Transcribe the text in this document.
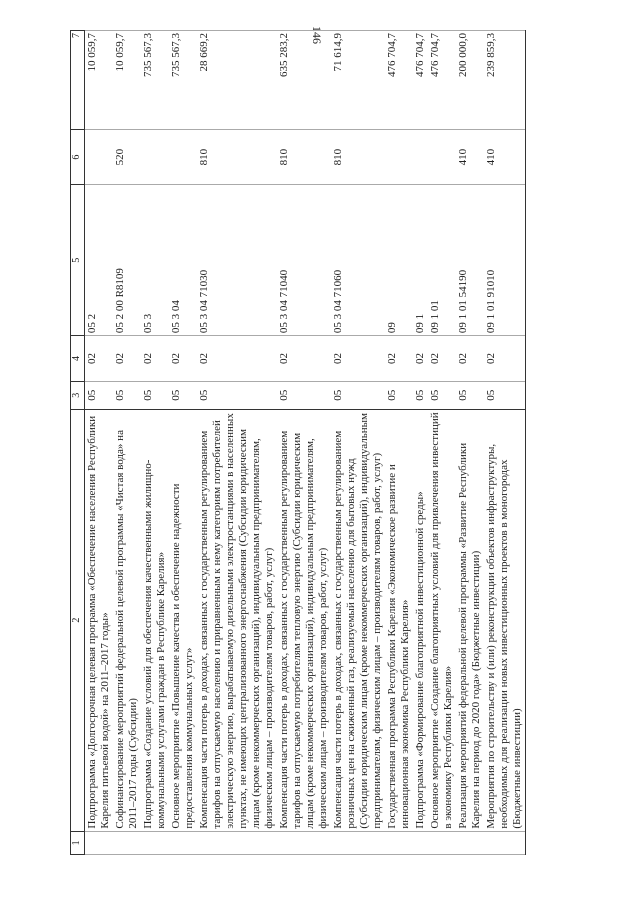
146
1	2	3	4	5	6	7
	Подпрограмма «Долгосрочная целевая программа «Обеспечение населения Республики Карелия питьевой водой» на 2011–2017 годы»	05	02	05 2		10 059,7
	Софинансирование мероприятий федеральной целевой программы «Чистая вода» на 2011–2017 годы (Субсидии)	05	02	05 2 00 R8109	520	10 059,7
	Подпрограмма «Создание условий для обеспечения качественными жилищно-коммунальными услугами граждан в Республике Карелия»	05	02	05 3		735 567,3
	Основное мероприятие «Повышение качества и обеспечение надежности предоставления коммунальных услуг»	05	02	05 3 04		735 567,3
	Компенсация части потерь в доходах, связанных с государственным регулированием тарифов на отпускаемую населению и приравненным к нему категориям потребителей электрическую энергию, вырабатываемую дизельными электростанциями в населенных пунктах, не имеющих централизованного энергоснабжения (Субсидии юридическим лицам (кроме некоммерческих организаций), индивидуальным предпринимателям, физическим лицам – производителям товаров, работ, услуг)	05	02	05 3 04 71030	810	28 669,2
	Компенсация части потерь в доходах, связанных с государственным регулированием тарифов на отпускаемую потребителям тепловую энергию (Субсидии юридическим лицам (кроме некоммерческих организаций), индивидуальным предпринимателям, физическим лицам – производителям товаров, работ, услуг)	05	02	05 3 04 71040	810	635 283,2
	Компенсация части потерь в доходах, связанных с государственным регулированием розничных цен на сжиженный газ, реализуемый населению для бытовых нужд (Субсидии юридическим лицам (кроме некоммерческих организаций), индивидуальным предпринимателям, физическим лицам – производителям товаров, работ, услуг)	05	02	05 3 04 71060	810	71 614,9
	Государственная программа Республики Карелия «Экономическое развитие и инновационная экономика Республики Карелия»	05	02	09		476 704,7
	Подпрограмма «Формирование благоприятной инвестиционной среды»	05	02	09 1		476 704,7
	Основное мероприятие «Создание благоприятных условий для привлечения инвестиций в экономику Республики Карелия»	05	02	09 1 01		476 704,7
	Реализация мероприятий федеральной целевой программы «Развитие Республики Карелия на период до 2020 года» (Бюджетные инвестиции)	05	02	09 1 01 54190	410	200 000,0
	Мероприятия по строительству и (или) реконструкции объектов инфраструктуры, необходимых для реализации новых инвестиционных проектов в моногородах (Бюджетные инвестиции)	05	02	09 1 01 91010	410	239 859,3
